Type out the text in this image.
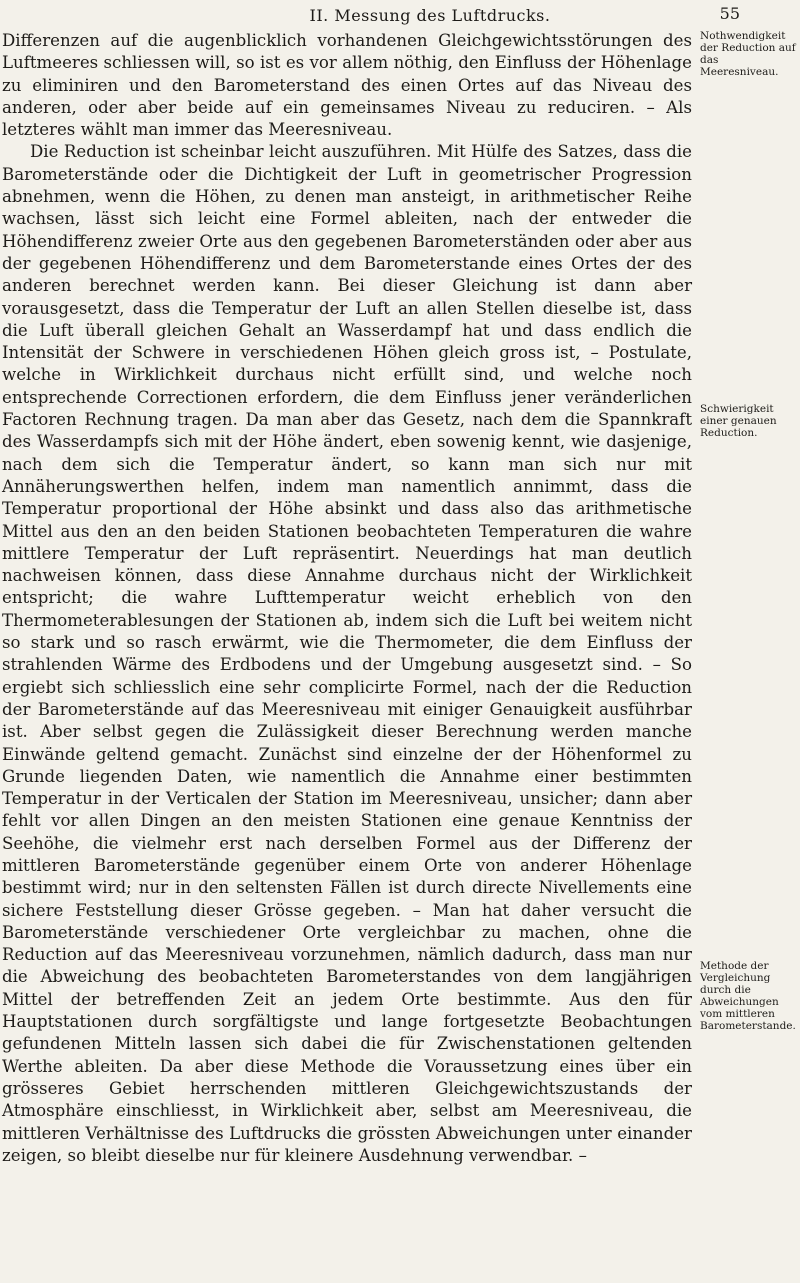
II. Messung des Luftdrucks.	55

Differenzen auf die augenblicklich vorhandenen Gleichgewichtsstörungen des Luftmeeres schliessen will, so ist es vor allem nöthig, den Einfluss der Höhenlage zu eliminiren und den Barometerstand des einen Ortes auf das Niveau des anderen, oder aber beide auf ein gemeinsames Niveau zu reduciren. – Als letzteres wählt man immer das Meeresniveau.

Die Reduction ist scheinbar leicht auszuführen. Mit Hülfe des Satzes, dass die Barometerstände oder die Dichtigkeit der Luft in geometrischer Progression abnehmen, wenn die Höhen, zu denen man ansteigt, in arithmetischer Reihe wachsen, lässt sich leicht eine Formel ableiten, nach der entweder die Höhendifferenz zweier Orte aus den gegebenen Barometerständen oder aber aus der gegebenen Höhendifferenz und dem Barometerstande eines Ortes der des anderen berechnet werden kann. Bei dieser Gleichung ist dann aber vorausgesetzt, dass die Temperatur der Luft an allen Stellen dieselbe ist, dass die Luft überall gleichen Gehalt an Wasserdampf hat und dass endlich die Intensität der Schwere in verschiedenen Höhen gleich gross ist, – Postulate, welche in Wirklichkeit durchaus nicht erfüllt sind, und welche noch entsprechende Correctionen erfordern, die dem Einfluss jener veränderlichen Factoren Rechnung tragen. Da man aber das Gesetz, nach dem die Spannkraft des Wasserdampfs sich mit der Höhe ändert, eben sowenig kennt, wie dasjenige, nach dem sich die Temperatur ändert, so kann man sich nur mit Annäherungswerthen helfen, indem man namentlich annimmt, dass die Temperatur proportional der Höhe absinkt und dass also das arithmetische Mittel aus den an den beiden Stationen beobachteten Temperaturen die wahre mittlere Temperatur der Luft repräsentirt. Neuerdings hat man deutlich nachweisen können, dass diese Annahme durchaus nicht der Wirklichkeit entspricht; die wahre Lufttemperatur weicht erheblich von den Thermometerablesungen der Stationen ab, indem sich die Luft bei weitem nicht so stark und so rasch erwärmt, wie die Thermometer, die dem Einfluss der strahlenden Wärme des Erdbodens und der Umgebung ausgesetzt sind. – So ergiebt sich schliesslich eine sehr complicirte Formel, nach der die Reduction der Barometerstände auf das Meeresniveau mit einiger Genauigkeit ausführbar ist. Aber selbst gegen die Zulässigkeit dieser Berechnung werden manche Einwände geltend gemacht. Zunächst sind einzelne der der Höhenformel zu Grunde liegenden Daten, wie namentlich die Annahme einer bestimmten Temperatur in der Verticalen der Station im Meeresniveau, unsicher; dann aber fehlt vor allen Dingen an den meisten Stationen eine genaue Kenntniss der Seehöhe, die vielmehr erst nach derselben Formel aus der Differenz der mittleren Barometerstände gegenüber einem Orte von anderer Höhenlage bestimmt wird; nur in den seltensten Fällen ist durch directe Nivellements eine sichere Feststellung dieser Grösse gegeben. – Man hat daher versucht die Barometerstände verschiedener Orte vergleichbar zu machen, ohne die Reduction auf das Meeresniveau vorzunehmen, nämlich dadurch, dass man nur die Abweichung des beobachteten Barometerstandes von dem langjährigen Mittel der betreffenden Zeit an jedem Orte bestimmte. Aus den für Hauptstationen durch sorgfältigste und lange fortgesetzte Beobachtungen gefundenen Mitteln lassen sich dabei die für Zwischenstationen geltenden Werthe ableiten. Da aber diese Methode die Voraussetzung eines über ein grösseres Gebiet herrschenden mittleren Gleichgewichtszustands der Atmosphäre einschliesst, in Wirklichkeit aber, selbst am Meeresniveau, die mittleren Verhältnisse des Luftdrucks die grössten Abweichungen unter einander zeigen, so bleibt dieselbe nur für kleinere Ausdehnung verwendbar. –

Nothwendigkeit der Reduction auf das Meeresniveau.
Schwierigkeit einer genauen Reduction.
Methode der Vergleichung durch die Abweichungen vom mittleren Barometerstande.
